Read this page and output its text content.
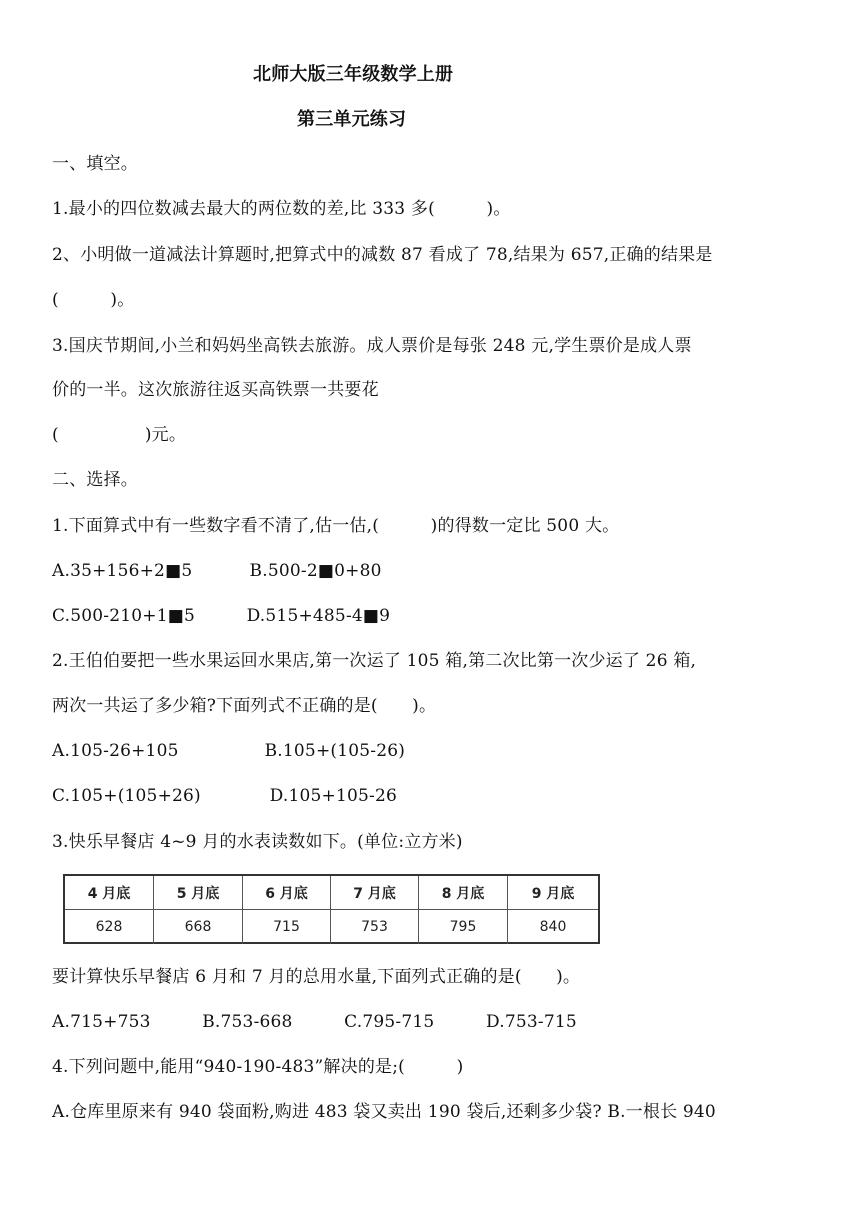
北师大版三年级数学上册
第三单元练习
一、填空。
1.最小的四位数减去最大的两位数的差,比 333 多(　　　)。
2、小明做一道减法计算题时,把算式中的减数 87 看成了 78,结果为 657,正确的结果是
(　　　)。
3.国庆节期间,小兰和妈妈坐高铁去旅游。成人票价是每张 248 元,学生票价是成人票
价的一半。这次旅游往返买高铁票一共要花
(　　　　　)元。
二、选择。
1.下面算式中有一些数字看不清了,估一估,(　　　)的得数一定比 500 大。
A.35+156+2■5　　　 B.500-2■0+80
C.500-210+1■5　　　D.515+485-4■9
2.王伯伯要把一些水果运回水果店,第一次运了 105 箱,第二次比第一次少运了 26 箱,
两次一共运了多少箱?下面列式不正确的是(　　)。
A.105-26+105　　　　　B.105+(105-26)
C.105+(105+26)　　　　D.105+105-26
3.快乐早餐店 4~9 月的水表读数如下。(单位:立方米)
4 月底	5 月底	6 月底	7 月底	8 月底	9 月底
628	668	715	753	795	840
要计算快乐早餐店 6 月和 7 月的总用水量,下面列式正确的是(　　)。
A.715+753　　　B.753-668　　　C.795-715　　　D.753-715
4.下列问题中,能用“940-190-483”解决的是;(　　　)
A.仓库里原来有 940 袋面粉,购进 483 袋又卖出 190 袋后,还剩多少袋? B.一根长 940
